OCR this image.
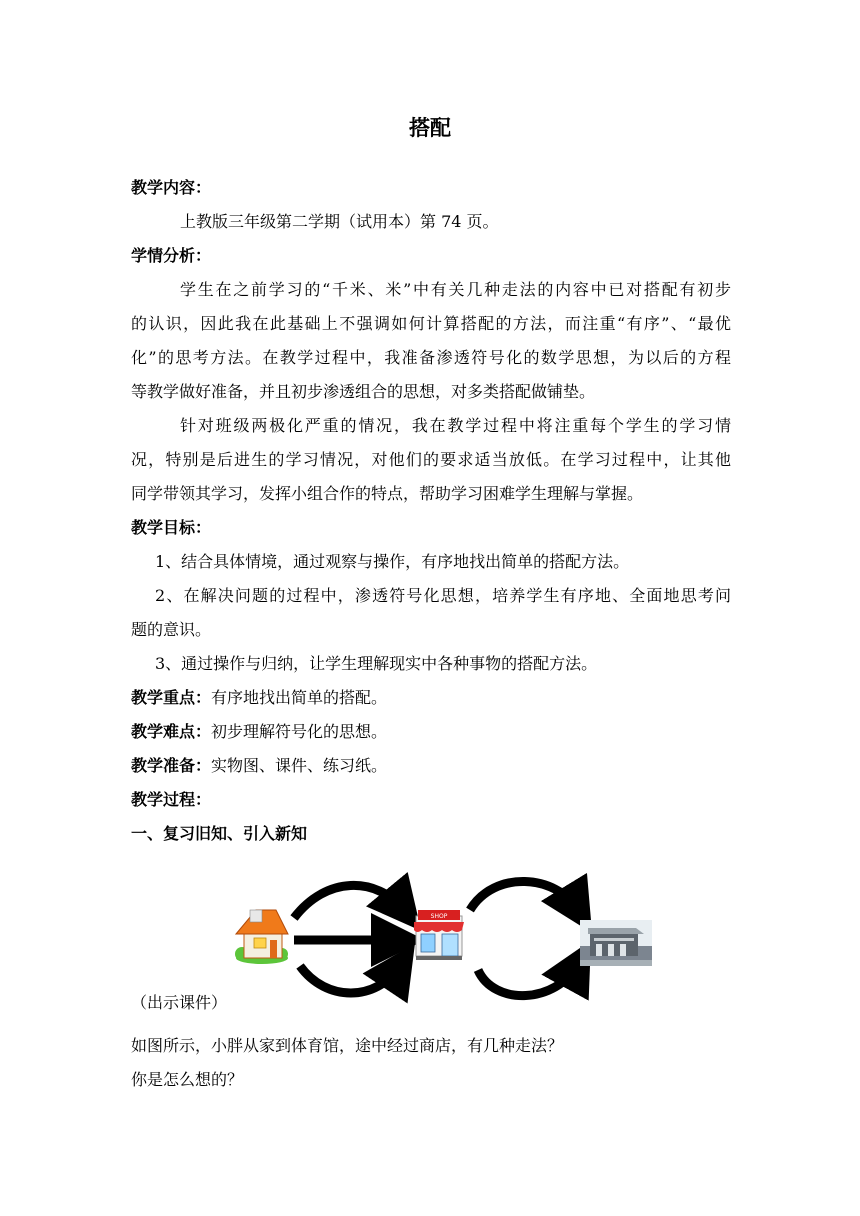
搭配
教学内容：
上教版三年级第二学期（试用本）第 74 页。
学情分析：
学生在之前学习的“千米、米”中有关几种走法的内容中已对搭配有初步
的认识，因此我在此基础上不强调如何计算搭配的方法，而注重“有序”、“最优
化”的思考方法。在教学过程中，我准备渗透符号化的数学思想，为以后的方程
等教学做好准备，并且初步渗透组合的思想，对多类搭配做铺垫。
针对班级两极化严重的情况，我在教学过程中将注重每个学生的学习情
况，特别是后进生的学习情况，对他们的要求适当放低。在学习过程中，让其他
同学带领其学习，发挥小组合作的特点，帮助学习困难学生理解与掌握。
教学目标：
1、结合具体情境，通过观察与操作，有序地找出简单的搭配方法。
2、在解决问题的过程中，渗透符号化思想，培养学生有序地、全面地思考问
题的意识。
3、通过操作与归纳，让学生理解现实中各种事物的搭配方法。
教学重点：有序地找出简单的搭配。
教学难点：初步理解符号化的思想。
教学准备：实物图、课件、练习纸。
教学过程：
一、复习旧知、引入新知
SHOP
（出示课件）
如图所示，小胖从家到体育馆，途中经过商店，有几种走法？
你是怎么想的？
